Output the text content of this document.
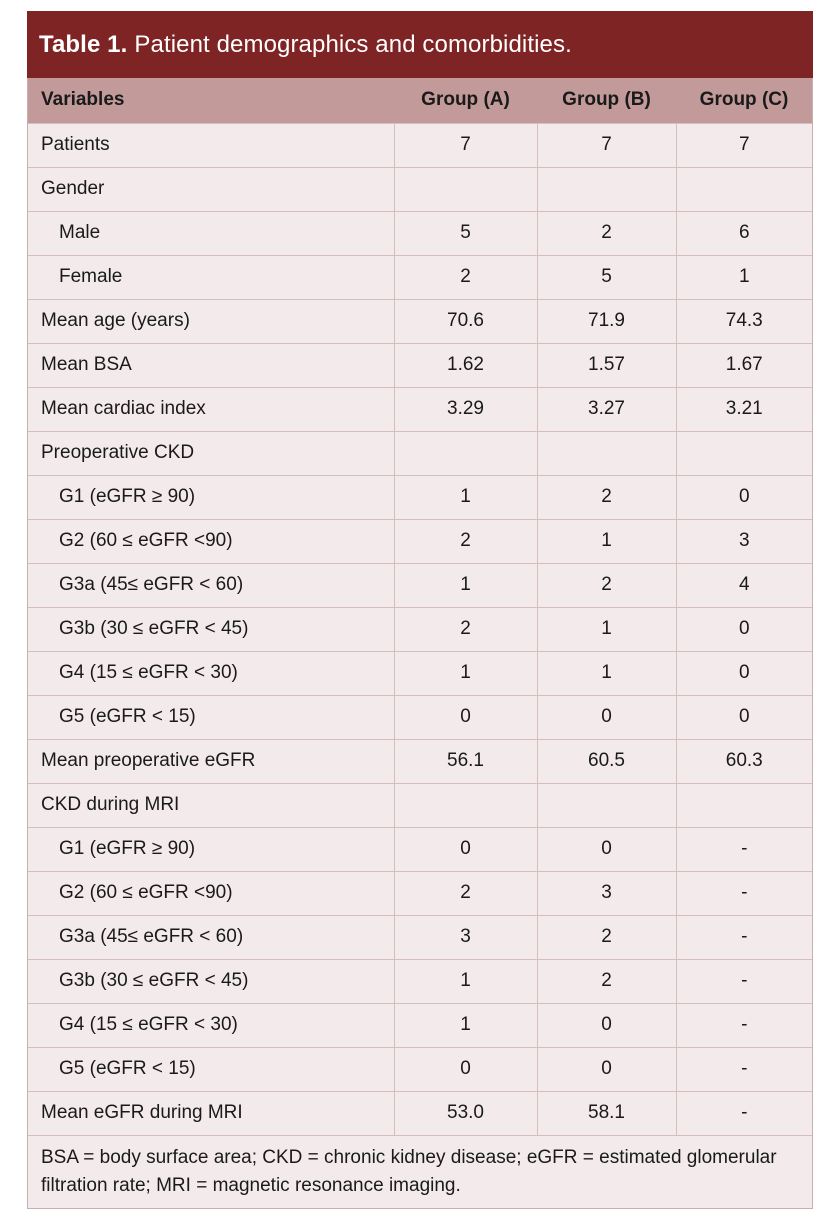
Table 1. Patient demographics and comorbidities.
Variables	Group (A)	Group (B)	Group (C)
Patients	7	7	7
Gender			
Male	5	2	6
Female	2	5	1
Mean age (years)	70.6	71.9	74.3
Mean BSA	1.62	1.57	1.67
Mean cardiac index	3.29	3.27	3.21
Preoperative CKD			
G1 (eGFR ≥ 90)	1	2	0
G2 (60 ≤ eGFR <90)	2	1	3
G3a (45≤ eGFR < 60)	1	2	4
G3b (30 ≤ eGFR < 45)	2	1	0
G4 (15 ≤ eGFR < 30)	1	1	0
G5 (eGFR < 15)	0	0	0
Mean preoperative eGFR	56.1	60.5	60.3
CKD during MRI			
G1 (eGFR ≥ 90)	0	0	-
G2 (60 ≤ eGFR <90)	2	3	-
G3a (45≤ eGFR < 60)	3	2	-
G3b (30 ≤ eGFR < 45)	1	2	-
G4 (15 ≤ eGFR < 30)	1	0	-
G5 (eGFR < 15)	0	0	-
Mean eGFR during MRI	53.0	58.1	-
BSA = body surface area; CKD = chronic kidney disease; eGFR = estimated glomerular filtration rate; MRI = magnetic resonance imaging.
